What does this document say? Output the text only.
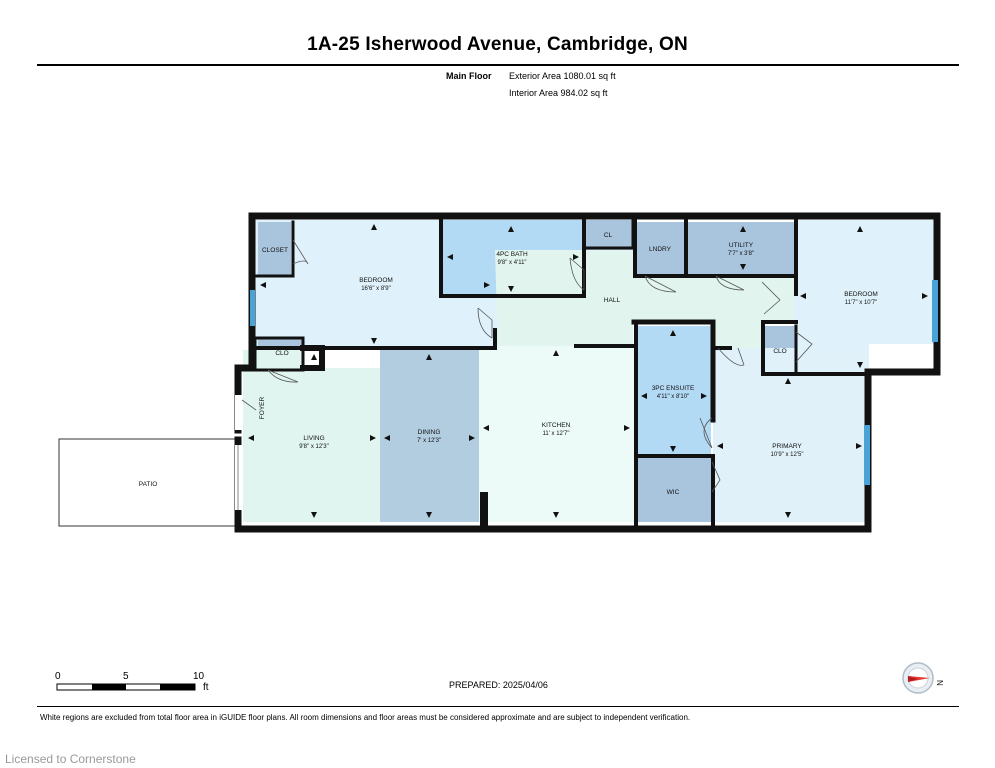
1A-25 Isherwood Avenue, Cambridge, ON
Main Floor Exterior Area 1080.01 sq ft
Interior Area 984.02 sq ft
CLOSET
BEDROOM
16'6" x 8'9"
4PC BATH
9'8" x 4'11"
CL
LNDRY
UTILITY
7'7" x 3'8"
BEDROOM
11'7" x 10'7"
HALL
CLO	CLO
FOYER
LIVING
9'8" x 12'3"
DINING
7' x 12'3"
KITCHEN
11' x 12'7"
3PC ENSUITE
4'11" x 8'10"
PRIMARY
10'9" x 12'5"
WIC
PATIO
N
0	5	10
ft	PREPARED: 2025/04/06
White regions are excluded from total floor area in iGUIDE floor plans. All room dimensions and floor areas must be considered approximate and are subject to independent verification.
Licensed to Cornerstone
